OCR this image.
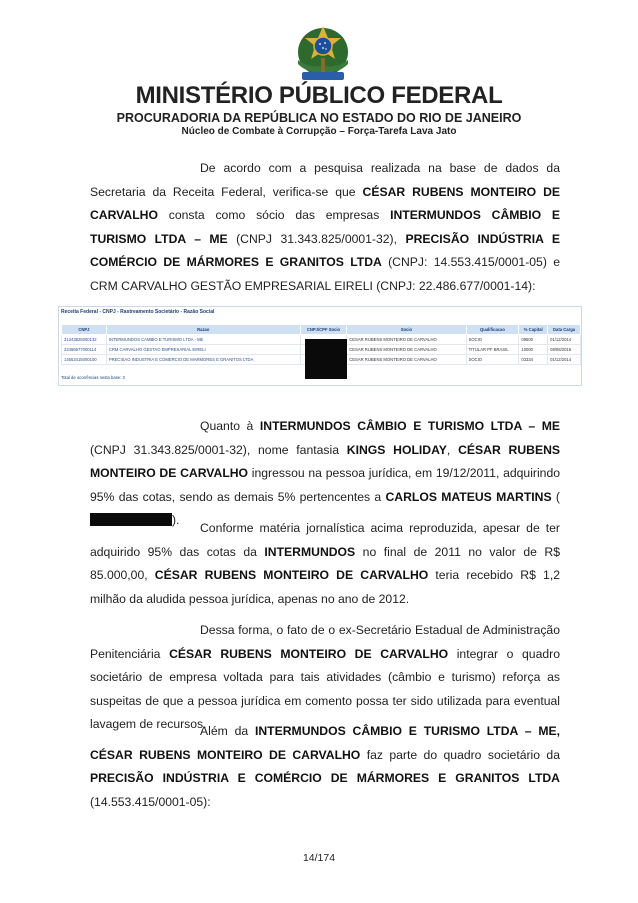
MINISTÉRIO PÚBLICO FEDERAL
PROCURADORIA DA REPÚBLICA NO ESTADO DO RIO DE JANEIRO
Núcleo de Combate à Corrupção – Força-Tarefa Lava Jato
De acordo com a pesquisa realizada na base de dados da Secretaria da Receita Federal, verifica-se que CÉSAR RUBENS MONTEIRO DE CARVALHO consta como sócio das empresas INTERMUNDOS CÂMBIO E TURISMO LTDA – ME (CNPJ 31.343.825/0001-32), PRECISÃO INDÚSTRIA E COMÉRCIO DE MÁRMORES E GRANITOS LTDA (CNPJ: 14.553.415/0001-05) e CRM CARVALHO GESTÃO EMPRESARIAL EIRELI (CNPJ: 22.486.677/0001-14):
Receita Federal - CNPJ - Rastreamento Societário - Razão Social
CNPJ	Razao	CNPJ/CPF Socio	Socio	Qualificacao	% Capital	Data Carga
31343825000132	INTERMUNDOS CAMBIO E TURISMO LTDA - ME		CESAR RUBENS MONTEIRO DE CARVALHO	SOCIO	09500	01/12/2014
22486677000114	CRM CARVALHO GESTAO EMPRESARIAL EIRELI		CESAR RUBENS MONTEIRO DE CARVALHO	TITULAR PF BRASIL	10000	09/08/2016
14553415000100	PRECISAO INDUSTRIA E COMERCIO DE MARMORES E GRANITOS LTDA		CESAR RUBENS MONTEIRO DE CARVALHO	SOCIO	03334	01/12/2014
Total de ocorrências nesta base: 3
Quanto à INTERMUNDOS CÂMBIO E TURISMO LTDA – ME (CNPJ 31.343.825/0001-32), nome fantasia KINGS HOLIDAY, CÉSAR RUBENS MONTEIRO DE CARVALHO ingressou na pessoa jurídica, em 19/12/2011, adquirindo 95% das cotas, sendo as demais 5% pertencentes a CARLOS MATEUS MARTINS ().
Conforme matéria jornalística acima reproduzida, apesar de ter adquirido 95% das cotas da INTERMUNDOS no final de 2011 no valor de R$ 85.000,00, CÉSAR RUBENS MONTEIRO DE CARVALHO teria recebido R$ 1,2 milhão da aludida pessoa jurídica, apenas no ano de 2012.
Dessa forma, o fato de o ex-Secretário Estadual de Administração Penitenciária CÉSAR RUBENS MONTEIRO DE CARVALHO integrar o quadro societário de empresa voltada para tais atividades (câmbio e turismo) reforça as suspeitas de que a pessoa jurídica em comento possa ter sido utilizada para eventual lavagem de recursos.
Além da INTERMUNDOS CÂMBIO E TURISMO LTDA – ME, CÉSAR RUBENS MONTEIRO DE CARVALHO faz parte do quadro societário da PRECISÃO INDÚSTRIA E COMÉRCIO DE MÁRMORES E GRANITOS LTDA (14.553.415/0001-05):
14/174
